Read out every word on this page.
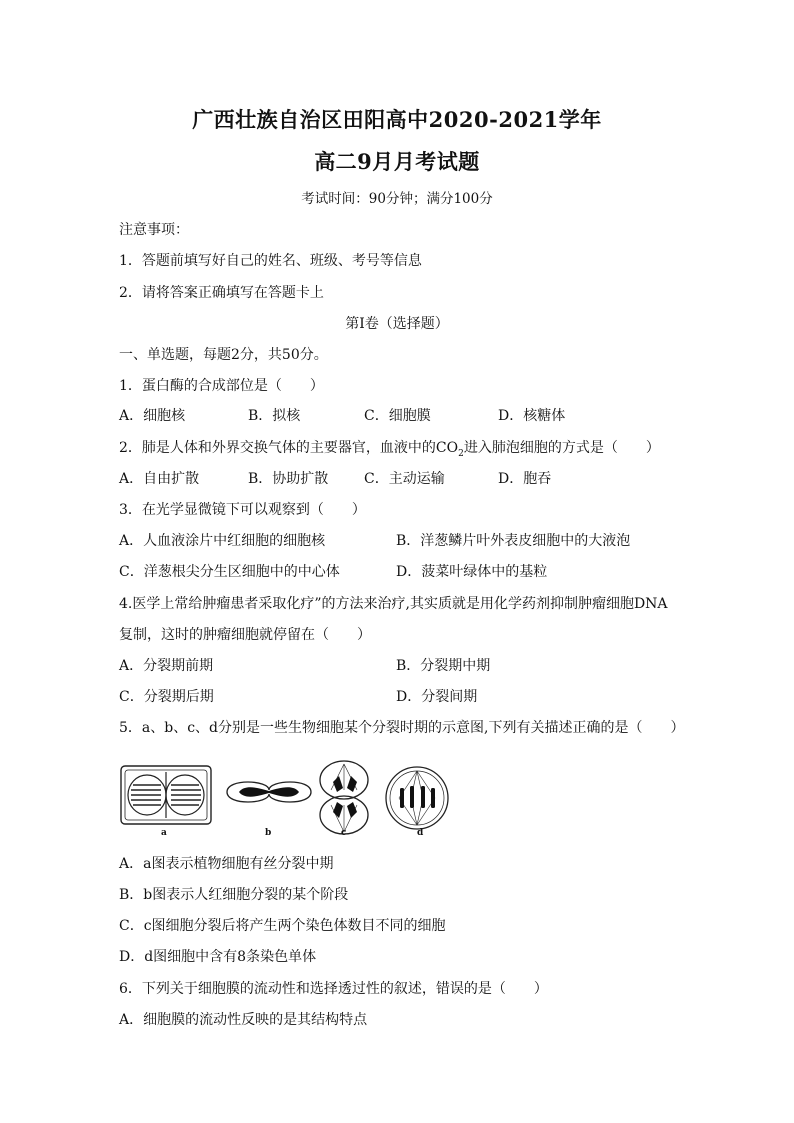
广西壮族自治区田阳高中2020-2021学年
高二9月月考试题
考试时间：90分钟；满分100分
注意事项：
1．答题前填写好自己的姓名、班级、考号等信息
2．请将答案正确填写在答题卡上
第I卷（选择题）
一、单选题，每题2分，共50分。
1．蛋白酶的合成部位是（　　）
A．细胞核	B．拟核	C．细胞膜	D．核糖体
2．肺是人体和外界交换气体的主要器官，血液中的$CO_2$进入肺泡细胞的方式是（　　）
A．自由扩散	B．协助扩散	C．主动运输	D．胞吞
3．在光学显微镜下可以观察到（　　）
A．人血液涂片中红细胞的细胞核	B．洋葱鳞片叶外表皮细胞中的大液泡
C．洋葱根尖分生区细胞中的中心体	D．菠菜叶绿体中的基粒
4.医学上常给肿瘤患者采取化疗”的方法来治疗,其实质就是用化学药剂抑制肿瘤细胞DNA
复制，这时的肿瘤细胞就停留在（　　）
A．分裂期前期	B．分裂期中期
C．分裂期后期	D．分裂间期
5．a、b、c、d分别是一些生物细胞某个分裂时期的示意图,下列有关描述正确的是（　　）
a	b	c	d
A．a图表示植物细胞有丝分裂中期
B．b图表示人红细胞分裂的某个阶段
C．c图细胞分裂后将产生两个染色体数目不同的细胞
D．d图细胞中含有8条染色单体
6．下列关于细胞膜的流动性和选择透过性的叙述，错误的是（　　）
A．细胞膜的流动性反映的是其结构特点
